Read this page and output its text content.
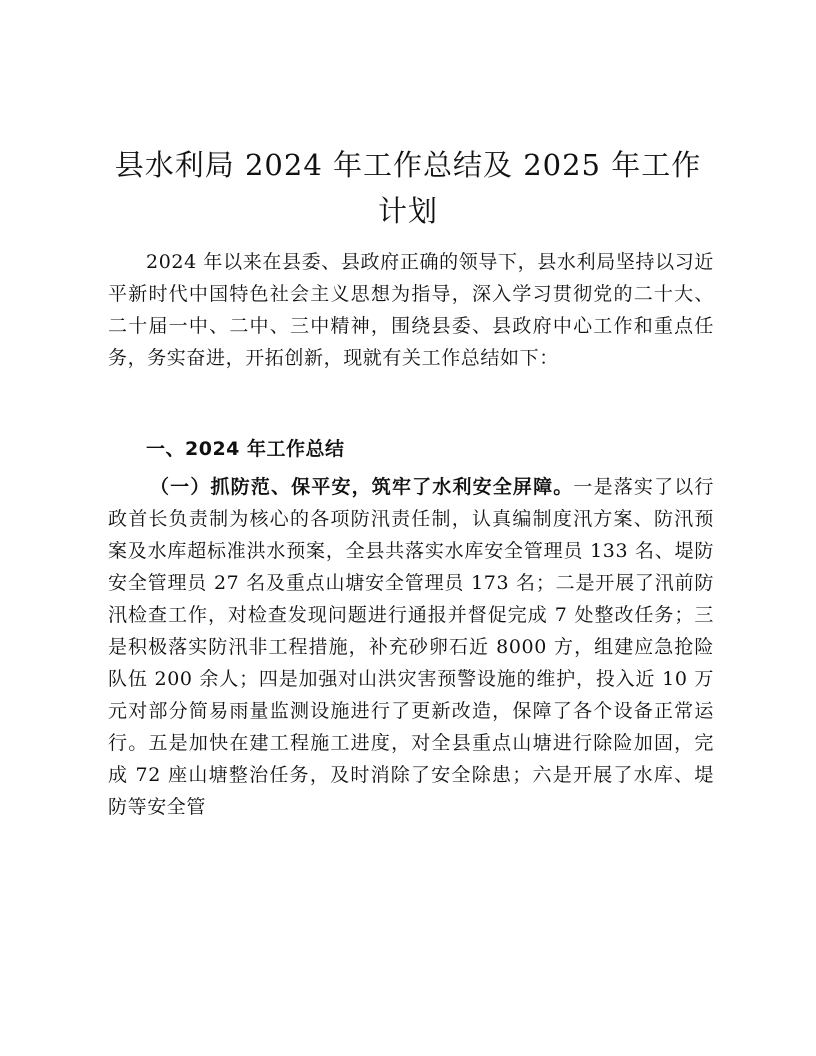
县水利局 2024 年工作总结及 2025 年工作计划

2024 年以来在县委、县政府正确的领导下，县水利局坚持以习近平新时代中国特色社会主义思想为指导，深入学习贯彻党的二十大、二十届一中、二中、三中精神，围绕县委、县政府中心工作和重点任务，务实奋进，开拓创新，现就有关工作总结如下：

一、2024 年工作总结

（一）抓防范、保平安，筑牢了水利安全屏障。一是落实了以行政首长负责制为核心的各项防汛责任制，认真编制度汛方案、防汛预案及水库超标准洪水预案，全县共落实水库安全管理员 133 名、堤防安全管理员 27 名及重点山塘安全管理员 173 名；二是开展了汛前防汛检查工作，对检查发现问题进行通报并督促完成 7 处整改任务；三是积极落实防汛非工程措施，补充砂卵石近 8000 方，组建应急抢险队伍 200 余人；四是加强对山洪灾害预警设施的维护，投入近 10 万元对部分简易雨量监测设施进行了更新改造，保障了各个设备正常运行。五是加快在建工程施工进度，对全县重点山塘进行除险加固，完成 72 座山塘整治任务，及时消除了安全除患；六是开展了水库、堤防等安全管
